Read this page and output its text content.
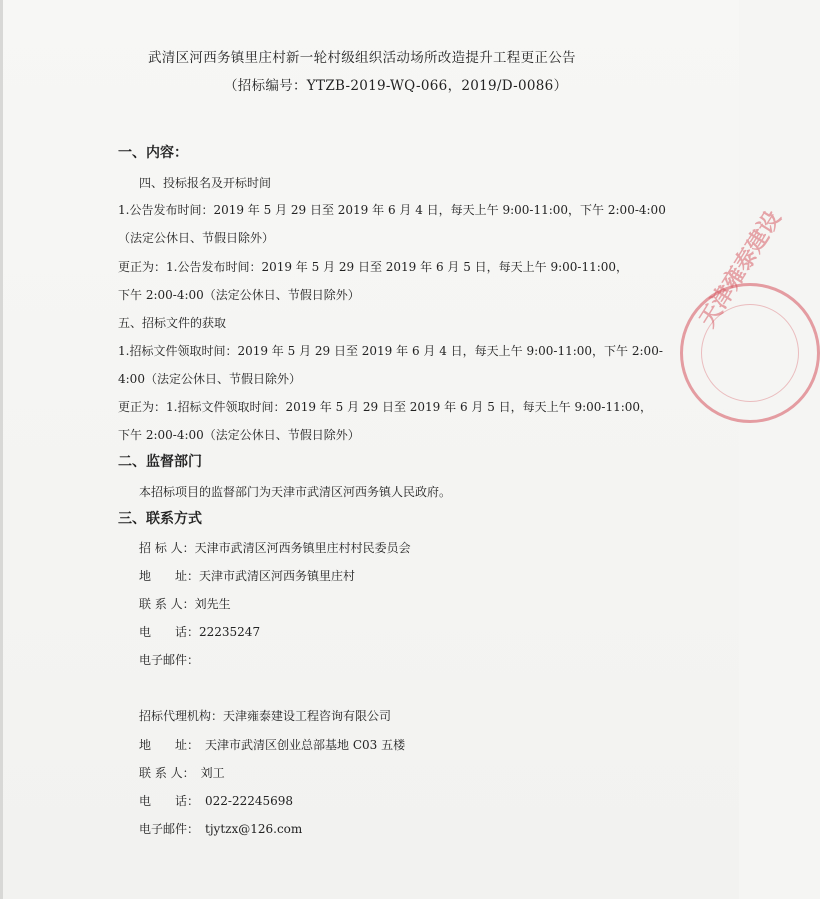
武清区河西务镇里庄村新一轮村级组织活动场所改造提升工程更正公告
（招标编号：YTZB-2019-WQ-066，2019/D-0086）
一、内容：
四、投标报名及开标时间
1.公告发布时间：2019 年 5 月 29 日至 2019 年 6 月 4 日，每天上午 9:00-11:00，下午 2:00-4:00
（法定公休日、节假日除外）
更正为：1.公告发布时间：2019 年 5 月 29 日至 2019 年 6 月 5 日，每天上午 9:00-11:00，
下午 2:00-4:00（法定公休日、节假日除外）
五、招标文件的获取
1.招标文件领取时间：2019 年 5 月 29 日至 2019 年 6 月 4 日，每天上午 9:00-11:00，下午 2:00-
4:00（法定公休日、节假日除外）
更正为：1.招标文件领取时间：2019 年 5 月 29 日至 2019 年 6 月 5 日，每天上午 9:00-11:00，
下午 2:00-4:00（法定公休日、节假日除外）
二、监督部门
本招标项目的监督部门为天津市武清区河西务镇人民政府。
三、联系方式
招 标 人：天津市武清区河西务镇里庄村村民委员会
地　　址：天津市武清区河西务镇里庄村
联 系 人：刘先生
电　　话：22235247
电子邮件：
招标代理机构：天津雍泰建设工程咨询有限公司
地　　址：　天津市武清区创业总部基地 C03 五楼
联 系 人：　刘工
电　　话：　022-22245698
电子邮件：　tjytzx@126.com
天津雍泰建设
